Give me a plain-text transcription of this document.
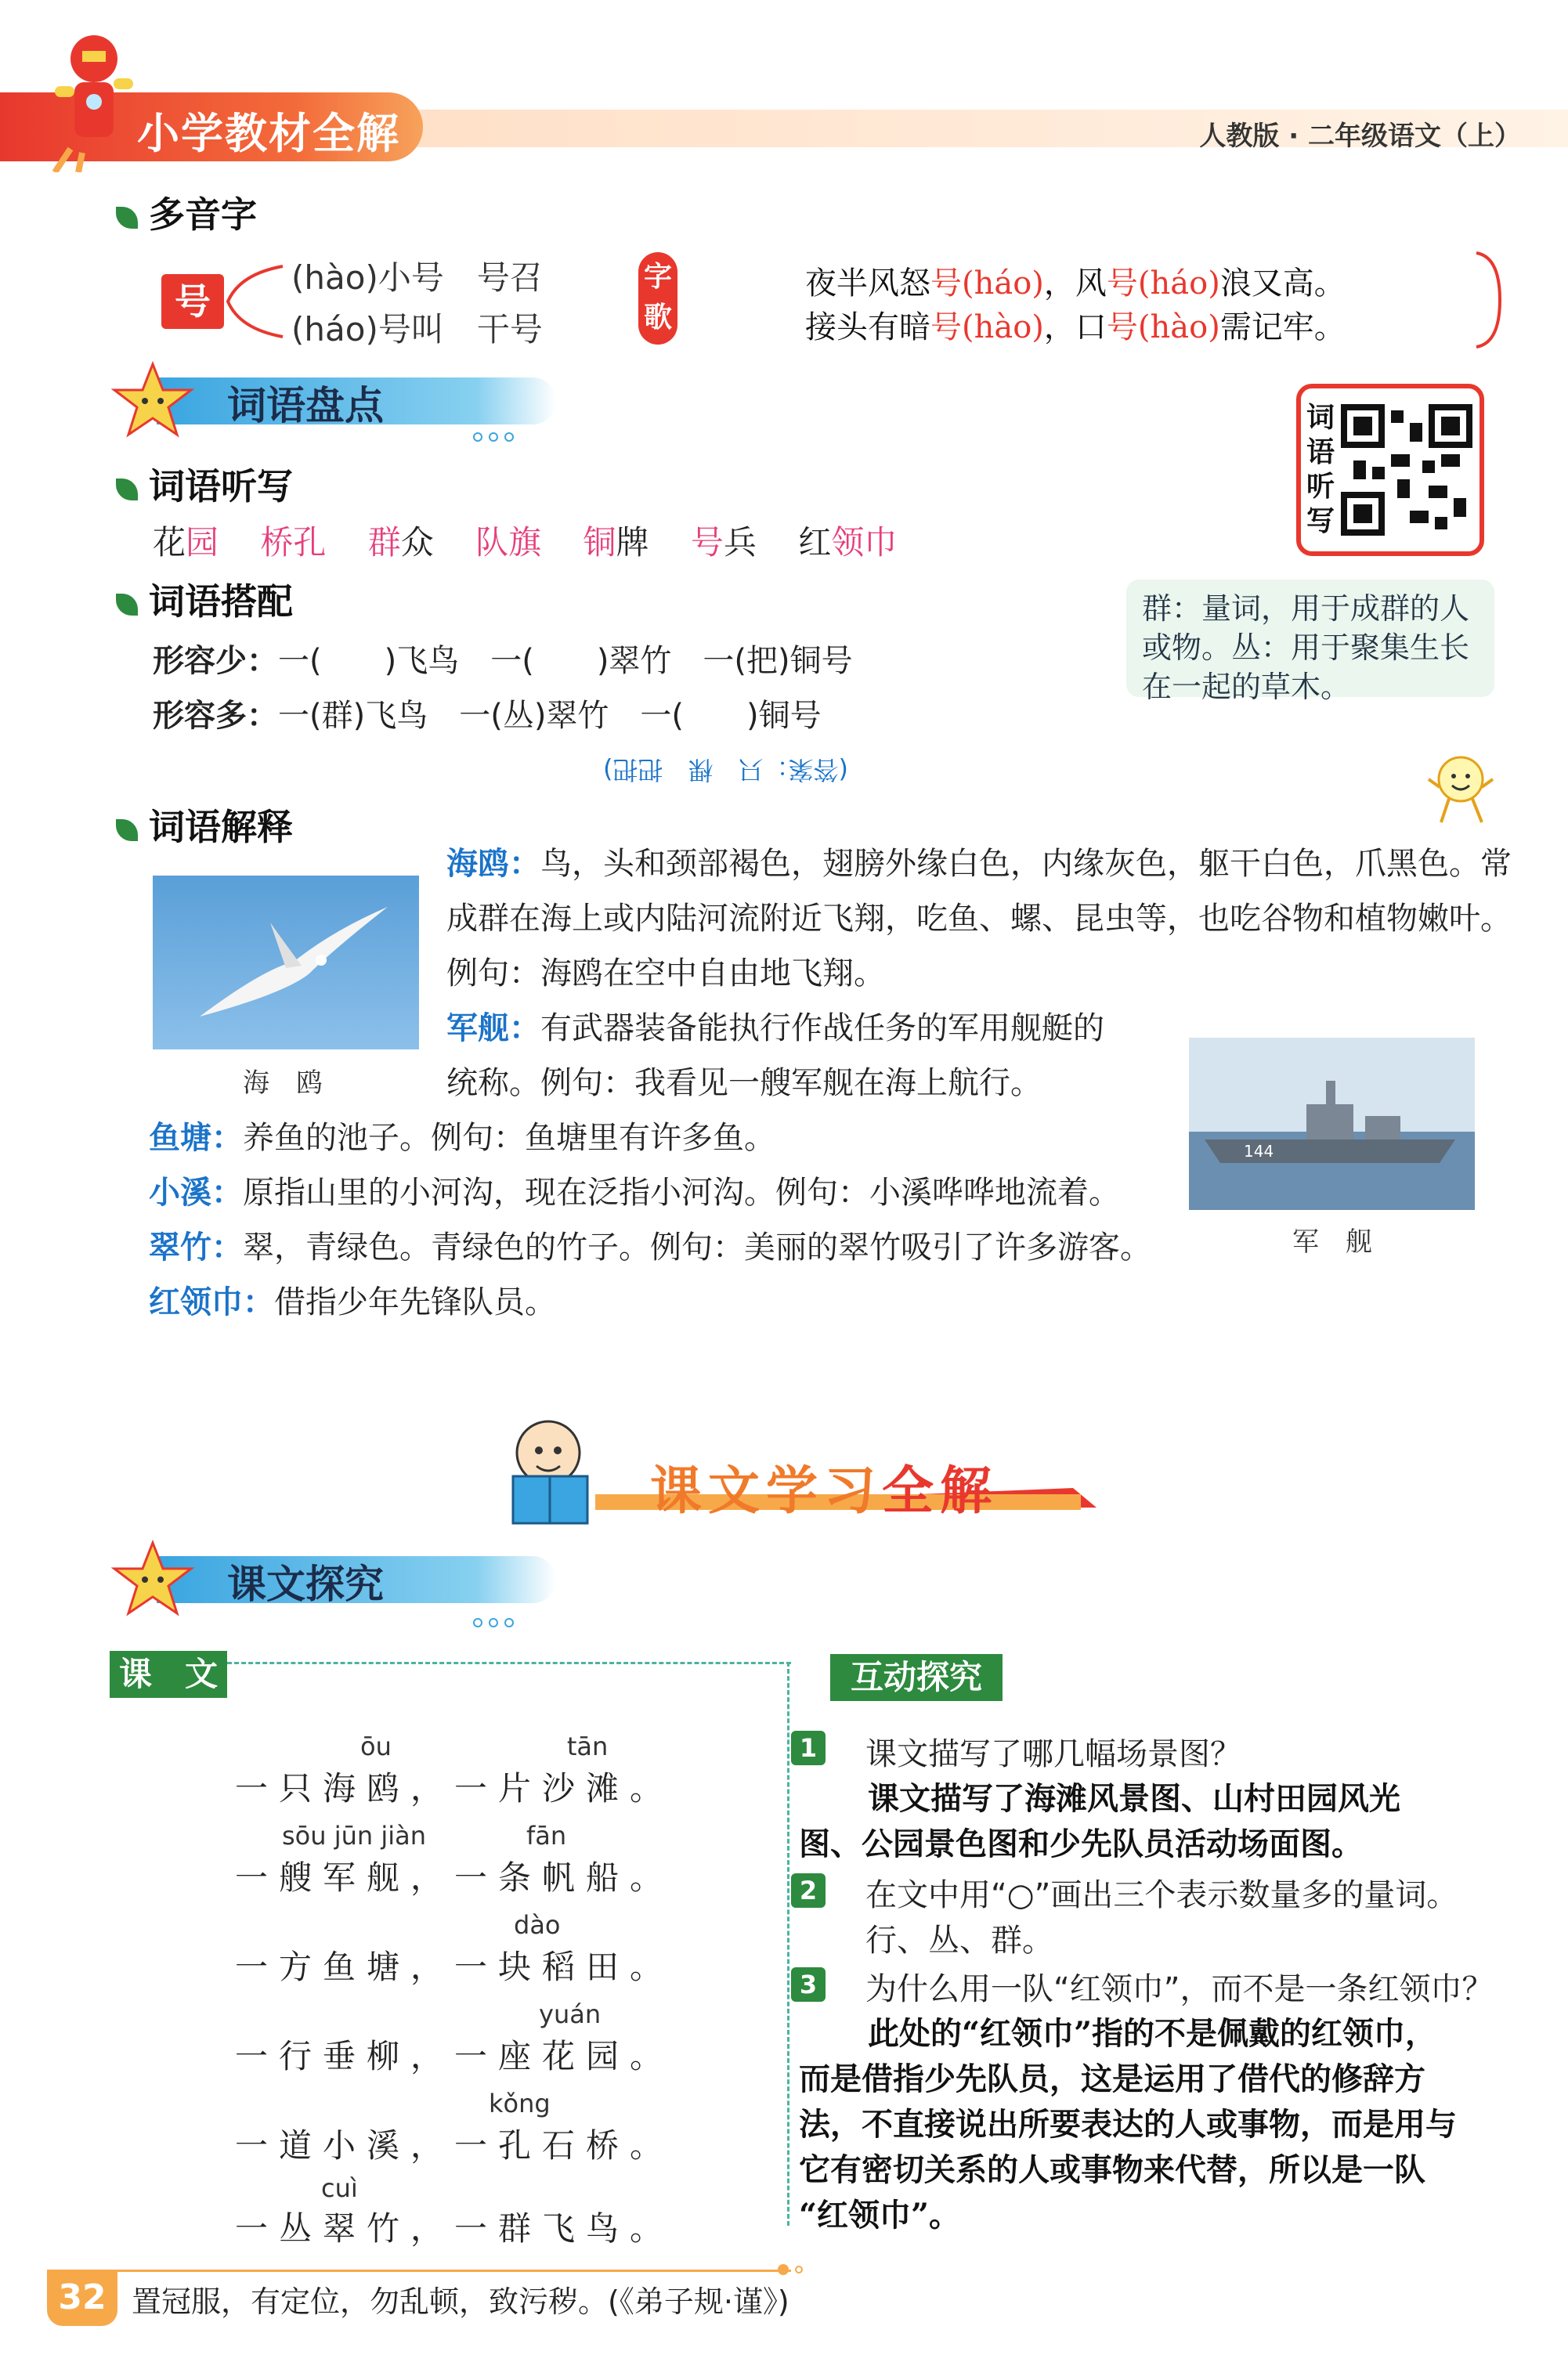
小学教材全解	人教版 · 二年级语文（上）
多音字
号
(hào)小号　号召
(háo)号叫　干号
字
歌
夜半风怒号(háo)，风号(háo)浪又高。
接头有暗号(hào)，口号(hào)需记牢。
词语盘点	词
语
听
写
词语听写
花园 桥孔 群众 队旗 铜牌 号兵 红领巾
词语搭配
形容少：一(　　)飞鸟　一(　　)翠竹　一(把)铜号
形容多：一(群)飞鸟　一(丛)翠竹　一(　　)铜号
(答案：只　棵　把把)
群：量词，用于成群的人或物。丛：用于聚集生长在一起的草木。
词语解释
海　鸥
海鸥：鸟，头和颈部褐色，翅膀外缘白色，内缘灰色，躯干白色，爪黑色。常
成群在海上或内陆河流附近飞翔，吃鱼、螺、昆虫等，也吃谷物和植物嫩叶。
例句：海鸥在空中自由地飞翔。
军舰：有武器装备能执行作战任务的军用舰艇的
统称。例句：我看见一艘军舰在海上航行。
144
军　舰
鱼塘：养鱼的池子。例句：鱼塘里有许多鱼。
小溪：原指山里的小河沟，现在泛指小河沟。例句：小溪哗哗地流着。
翠竹：翠，青绿色。青绿色的竹子。例句：美丽的翠竹吸引了许多游客。
红领巾：借指少年先锋队员。
课文学习全解
课文探究
课　文	互动探究
ōu　　　　　　　tān
一只海鸥，一片沙滩。
sōu jūn jiàn　　　　fān
一艘军舰，一条帆船。
　　　　　　　　dào
一方鱼塘，一块稻田。
　　　　　　　　　yuán
一行垂柳，一座花园。
　　　　　　　kǒng
一道小溪，一孔石桥。
cuì
一丛翠竹，一群飞鸟。
1 课文描写了哪几幅场景图？
课文描写了海滩风景图、山村田园风光
图、公园景色图和少先队员活动场面图。
2 在文中用“○”画出三个表示数量多的量词。
行、丛、群。
3 为什么用一队“红领巾”，而不是一条红领巾？
此处的“红领巾”指的不是佩戴的红领巾，
而是借指少先队员，这是运用了借代的修辞方
法，不直接说出所要表达的人或事物，而是用与
它有密切关系的人或事物来代替，所以是一队
“红领巾”。
32 置冠服，有定位，勿乱顿，致污秽。(《弟子规·谨》)
